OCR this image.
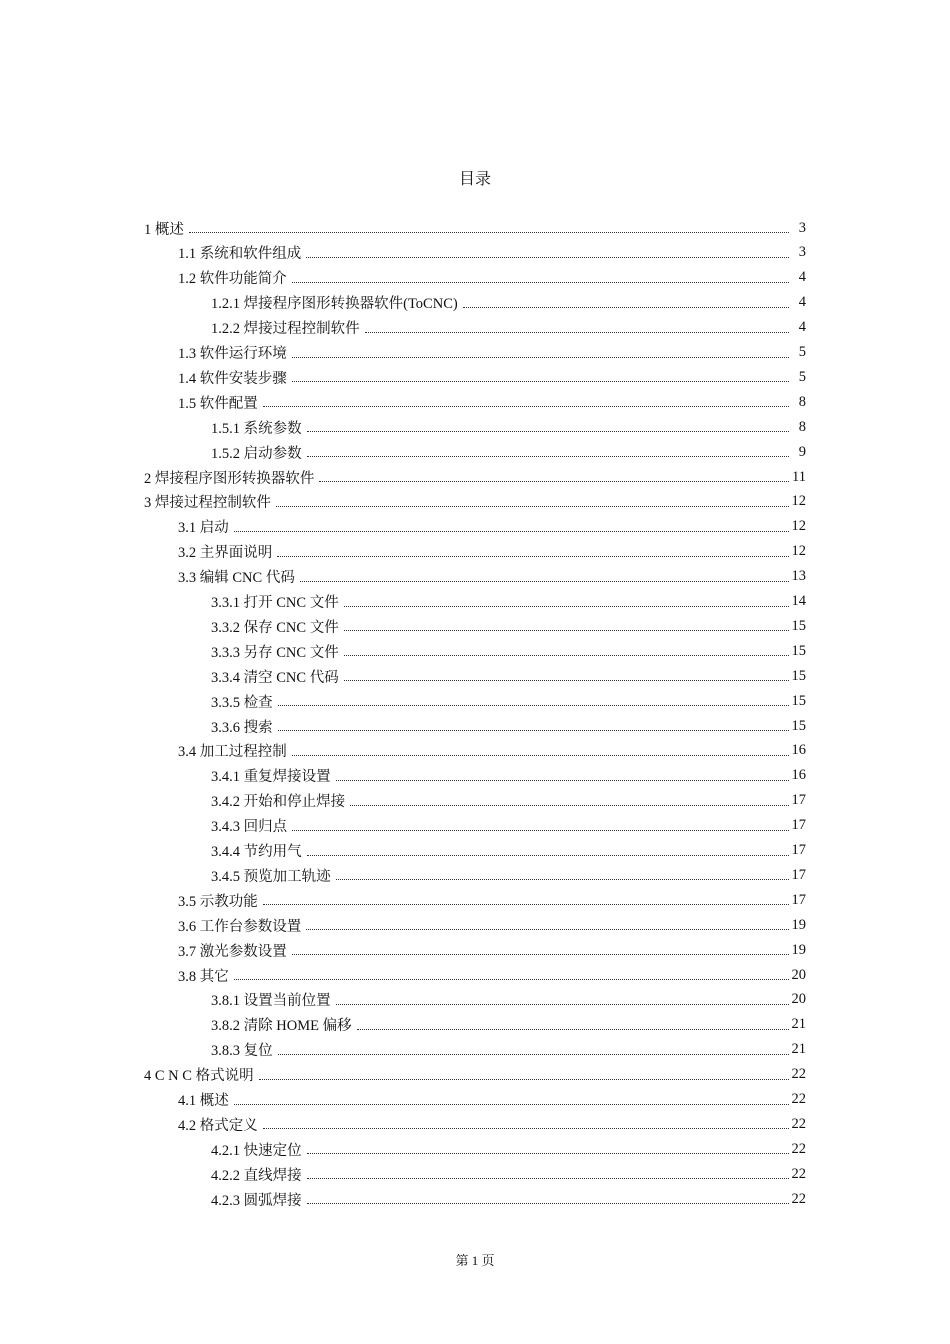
目录
1 概述	3
1.1 系统和软件组成	3
1.2 软件功能简介	4
1.2.1 焊接程序图形转换器软件(ToCNC)	4
1.2.2 焊接过程控制软件	4
1.3 软件运行环境	5
1.4 软件安装步骤	5
1.5 软件配置	8
1.5.1 系统参数	8
1.5.2 启动参数	9
2 焊接程序图形转换器软件	11
3 焊接过程控制软件	12
3.1 启动	12
3.2 主界面说明	12
3.3 编辑 CNC 代码	13
3.3.1 打开 CNC 文件	14
3.3.2 保存 CNC 文件	15
3.3.3 另存 CNC 文件	15
3.3.4 清空 CNC 代码	15
3.3.5 检查	15
3.3.6 搜索	15
3.4 加工过程控制	16
3.4.1 重复焊接设置	16
3.4.2 开始和停止焊接	17
3.4.3 回归点	17
3.4.4 节约用气	17
3.4.5 预览加工轨迹	17
3.5 示教功能	17
3.6 工作台参数设置	19
3.7 激光参数设置	19
3.8 其它	20
3.8.1 设置当前位置	20
3.8.2 清除 HOME 偏移	21
3.8.3 复位	21
4 C N C 格式说明	22
4.1 概述	22
4.2 格式定义	22
4.2.1 快速定位	22
4.2.2 直线焊接	22
4.2.3 圆弧焊接	22
第 1 页
